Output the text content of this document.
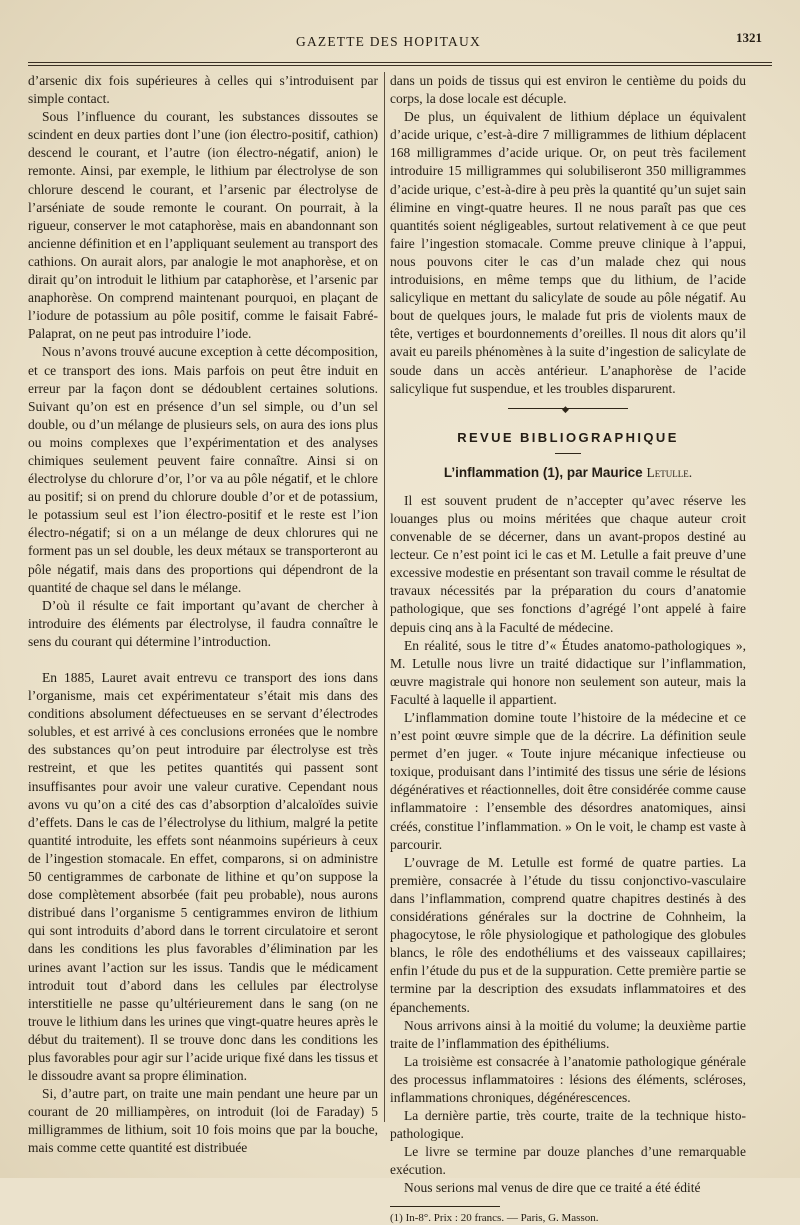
GAZETTE DES HOPITAUX	1321

d’arsenic dix fois supérieures à celles qui s’introduisent par simple contact.

Sous l’influence du courant, les substances dissoutes se scindent en deux parties dont l’une (ion électro-positif, cathion) descend le courant, et l’autre (ion électro-négatif, anion) le remonte. Ainsi, par exemple, le lithium par électrolyse de son chlorure descend le courant, et l’arsenic par électrolyse de l’arséniate de soude remonte le courant. On pourrait, à la rigueur, conserver le mot cataphorèse, mais en abandonnant son ancienne définition et en l’appliquant seulement au transport des cathions. On aurait alors, par analogie le mot anaphorèse, et on dirait qu’on introduit le lithium par cataphorèse, et l’arsenic par anaphorèse. On comprend maintenant pourquoi, en plaçant de l’iodure de potassium au pôle positif, comme le faisait Fabré-Palaprat, on ne peut pas introduire l’iode.

Nous n’avons trouvé aucune exception à cette décomposition, et ce transport des ions. Mais parfois on peut être induit en erreur par la façon dont se dédoublent certaines solutions. Suivant qu’on est en présence d’un sel simple, ou d’un sel double, ou d’un mélange de plusieurs sels, on aura des ions plus ou moins complexes que l’expérimentation et des analyses chimiques seulement peuvent faire connaître. Ainsi si on électrolyse du chlorure d’or, l’or va au pôle négatif, et le chlore au positif; si on prend du chlorure double d’or et de potassium, le potassium seul est l’ion électro-positif et le reste est l’ion électro-négatif; si on a un mélange de deux chlorures qui ne forment pas un sel double, les deux métaux se transporteront au pôle négatif, mais dans des proportions qui dépendront de la quantité de chaque sel dans le mélange.

D’où il résulte ce fait important qu’avant de chercher à introduire des éléments par électrolyse, il faudra connaître le sens du courant qui détermine l’introduction.

En 1885, Lauret avait entrevu ce transport des ions dans l’organisme, mais cet expérimentateur s’était mis dans des conditions absolument défectueuses en se servant d’électrodes solubles, et est arrivé à ces conclusions erronées que le nombre des substances qu’on peut introduire par électrolyse est très restreint, et que les petites quantités qui passent sont insuffisantes pour avoir une valeur curative. Cependant nous avons vu qu’on a cité des cas d’absorption d’alcaloïdes suivie d’effets. Dans le cas de l’électrolyse du lithium, malgré la petite quantité introduite, les effets sont néanmoins supérieurs à ceux de l’ingestion stomacale. En effet, comparons, si on administre 50 centigrammes de carbonate de lithine et qu’on suppose la dose complètement absorbée (fait peu probable), nous aurons distribué dans l’organisme 5 centigrammes environ de lithium qui sont introduits d’abord dans le torrent circulatoire et seront dans les conditions les plus favorables d’élimination par les urines avant l’action sur les issus. Tandis que le médicament introduit tout d’abord dans les cellules par électrolyse interstitielle ne passe qu’ultérieurement dans le sang (on ne trouve le lithium dans les urines que vingt-quatre heures après le début du traitement). Il se trouve donc dans les conditions les plus favorables pour agir sur l’acide urique fixé dans les tissus et le dissoudre avant sa propre élimination.

Si, d’autre part, on traite une main pendant une heure par un courant de 20 milliampères, on introduit (loi de Faraday) 5 milligrammes de lithium, soit 10 fois moins que par la bouche, mais comme cette quantité est distribuée

dans un poids de tissus qui est environ le centième du poids du corps, la dose locale est décuple.

De plus, un équivalent de lithium déplace un équivalent d’acide urique, c’est-à-dire 7 milligrammes de lithium déplacent 168 milligrammes d’acide urique. Or, on peut très facilement introduire 15 milligrammes qui solubiliseront 350 milligrammes d’acide urique, c’est-à-dire à peu près la quantité qu’un sujet sain élimine en vingt-quatre heures. Il ne nous paraît pas que ces quantités soient négligeables, surtout relativement à ce que peut faire l’ingestion stomacale. Comme preuve clinique à l’appui, nous pouvons citer le cas d’un malade chez qui nous introduisions, en même temps que du lithium, de l’acide salicylique en mettant du salicylate de soude au pôle négatif. Au bout de quelques jours, le malade fut pris de violents maux de tête, vertiges et bourdonnements d’oreilles. Il nous dit alors qu’il avait eu pareils phénomènes à la suite d’ingestion de salicylate de soude dans un accès antérieur. L’anaphorèse de l’acide salicylique fut suspendue, et les troubles disparurent.

◆
REVUE BIBLIOGRAPHIQUE
L’inflammation (1), par Maurice Letulle.

Il est souvent prudent de n’accepter qu’avec réserve les louanges plus ou moins méritées que chaque auteur croit convenable de se décerner, dans un avant-propos destiné au lecteur. Ce n’est point ici le cas et M. Letulle a fait preuve d’une excessive modestie en présentant son travail comme le résultat de travaux nécessités par la préparation du cours d’anatomie pathologique, que ses fonctions d’agrégé l’ont appelé à faire depuis cinq ans à la Faculté de médecine.

En réalité, sous le titre d’« Études anatomo-pathologiques », M. Letulle nous livre un traité didactique sur l’inflammation, œuvre magistrale qui honore non seulement son auteur, mais la Faculté à laquelle il appartient.

L’inflammation domine toute l’histoire de la médecine et ce n’est point œuvre simple que de la décrire. La définition seule permet d’en juger. « Toute injure mécanique infectieuse ou toxique, produisant dans l’intimité des tissus une série de lésions dégénératives et réactionnelles, doit être considérée comme cause inflammatoire : l’ensemble des désordres anatomiques, ainsi créés, constitue l’inflammation. » On le voit, le champ est vaste à parcourir.

L’ouvrage de M. Letulle est formé de quatre parties. La première, consacrée à l’étude du tissu conjonctivo-vasculaire dans l’inflammation, comprend quatre chapitres destinés à des considérations générales sur la doctrine de Cohnheim, la phagocytose, le rôle physiologique et pathologique des globules blancs, le rôle des endothéliums et des vaisseaux capillaires; enfin l’étude du pus et de la suppuration. Cette première partie se termine par la description des exsudats inflammatoires et des épanchements.

Nous arrivons ainsi à la moitié du volume; la deuxième partie traite de l’inflammation des épithéliums.

La troisième est consacrée à l’anatomie pathologique générale des processus inflammatoires : lésions des éléments, scléroses, inflammations chroniques, dégénérescences.

La dernière partie, très courte, traite de la technique histo-pathologique.

Le livre se termine par douze planches d’une remarquable exécution.

Nous serions mal venus de dire que ce traité a été édité

(1) In-8°. Prix : 20 francs. — Paris, G. Masson.
